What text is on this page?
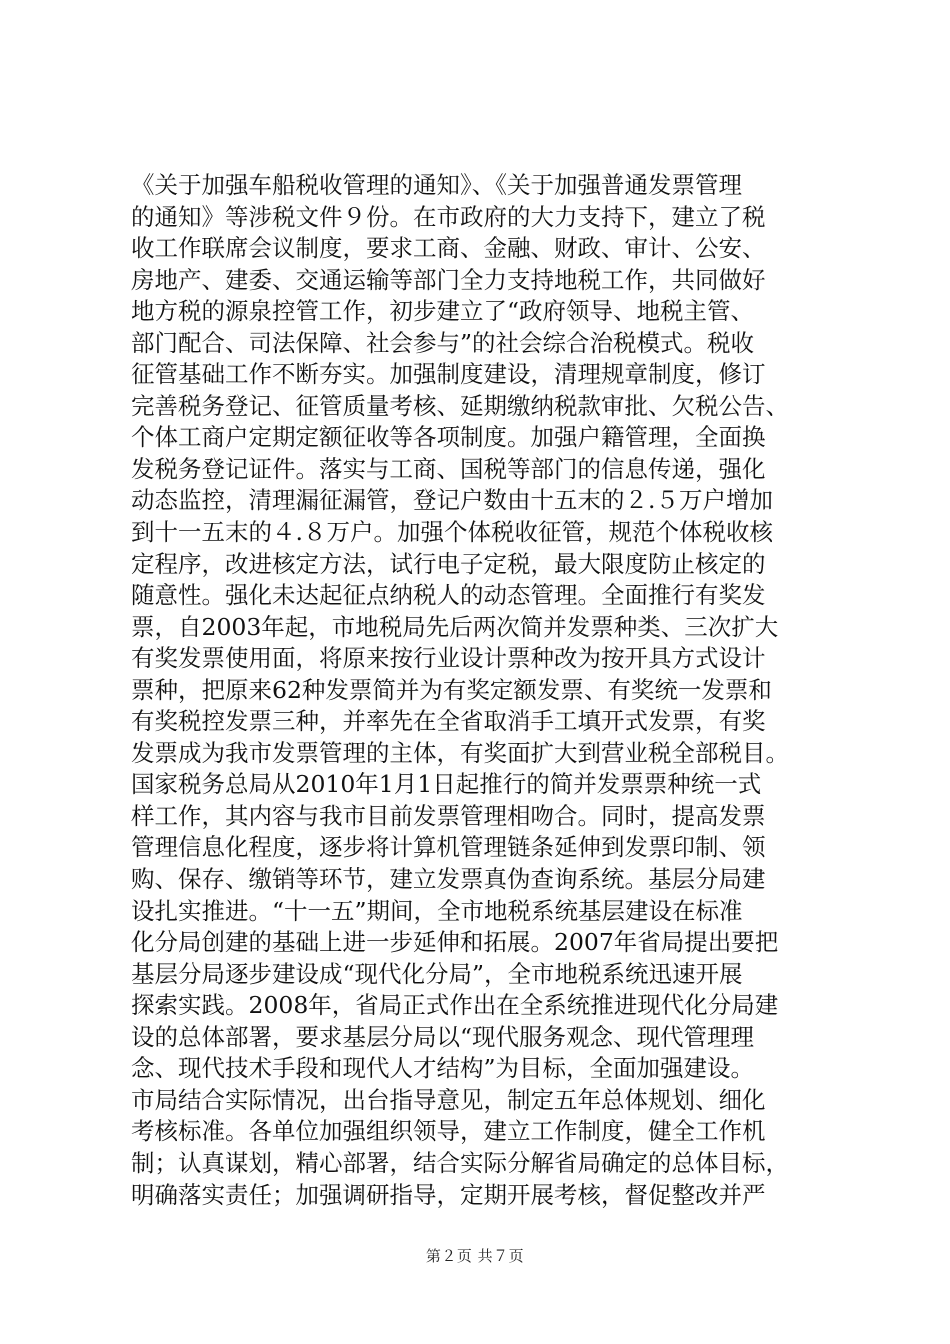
《关于加强车船税收管理的通知》、《关于加强普通发票管理
的通知》等涉税文件９份。在市政府的大力支持下，建立了税
收工作联席会议制度，要求工商、金融、财政、审计、公安、
房地产、建委、交通运输等部门全力支持地税工作，共同做好
地方税的源泉控管工作，初步建立了“政府领导、地税主管、
部门配合、司法保障、社会参与”的社会综合治税模式。税收
征管基础工作不断夯实。加强制度建设，清理规章制度，修订
完善税务登记、征管质量考核、延期缴纳税款审批、欠税公告、
个体工商户定期定额征收等各项制度。加强户籍管理，全面换
发税务登记证件。落实与工商、国税等部门的信息传递，强化
动态监控，清理漏征漏管，登记户数由十五末的２.５万户增加
到十一五末的４.８万户。加强个体税收征管，规范个体税收核
定程序，改进核定方法，试行电子定税，最大限度防止核定的
随意性。强化未达起征点纳税人的动态管理。全面推行有奖发
票，自2003年起，市地税局先后两次简并发票种类、三次扩大
有奖发票使用面，将原来按行业设计票种改为按开具方式设计
票种，把原来62种发票简并为有奖定额发票、有奖统一发票和
有奖税控发票三种，并率先在全省取消手工填开式发票，有奖
发票成为我市发票管理的主体，有奖面扩大到营业税全部税目。
国家税务总局从2010年1月1日起推行的简并发票票种统一式
样工作，其内容与我市目前发票管理相吻合。同时，提高发票
管理信息化程度，逐步将计算机管理链条延伸到发票印制、领
购、保存、缴销等环节，建立发票真伪查询系统。基层分局建
设扎实推进。“十一五”期间，全市地税系统基层建设在标准
化分局创建的基础上进一步延伸和拓展。2007年省局提出要把
基层分局逐步建设成“现代化分局”，全市地税系统迅速开展
探索实践。2008年，省局正式作出在全系统推进现代化分局建
设的总体部署，要求基层分局以“现代服务观念、现代管理理
念、现代技术手段和现代人才结构”为目标，全面加强建设。
市局结合实际情况，出台指导意见，制定五年总体规划、细化
考核标准。各单位加强组织领导，建立工作制度，健全工作机
制；认真谋划，精心部署，结合实际分解省局确定的总体目标，
明确落实责任；加强调研指导，定期开展考核，督促整改并严
第２页 共７页
